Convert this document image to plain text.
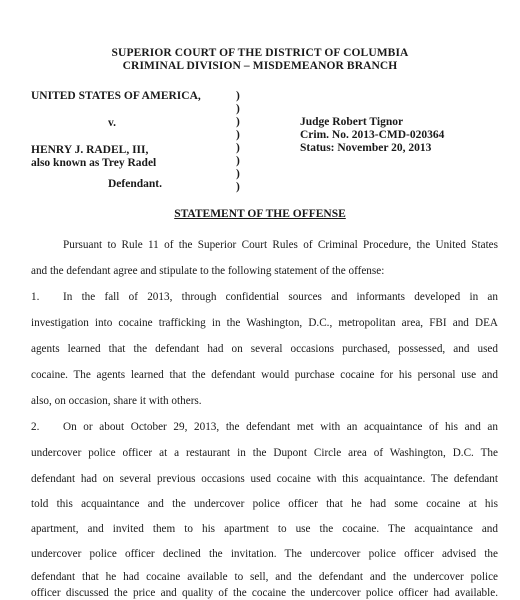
SUPERIOR COURT OF THE DISTRICT OF COLUMBIA
CRIMINAL DIVISION – MISDEMEANOR BRANCH
UNITED STATES OF AMERICA,
v.
HENRY J. RADEL, III,
also known as Trey Radel
Defendant.
)
)
)
)
)
)
)
)
Judge Robert Tignor
Crim. No. 2013-CMD-020364
Status: November 20, 2013
STATEMENT OF THE OFFENSE
Pursuant to Rule 11 of the Superior Court Rules of Criminal Procedure, the United States
and the defendant agree and stipulate to the following statement of the offense:
1. In the fall of 2013, through confidential sources and informants developed in an
investigation into cocaine trafficking in the Washington, D.C., metropolitan area, FBI and DEA
agents learned that the defendant had on several occasions purchased, possessed, and used
cocaine. The agents learned that the defendant would purchase cocaine for his personal use and
also, on occasion, share it with others.
2. On or about October 29, 2013, the defendant met with an acquaintance of his and an
undercover police officer at a restaurant in the Dupont Circle area of Washington, D.C. The
defendant had on several previous occasions used cocaine with this acquaintance. The defendant
told this acquaintance and the undercover police officer that he had some cocaine at his
apartment, and invited them to his apartment to use the cocaine. The acquaintance and
undercover police officer declined the invitation. The undercover police officer advised the
defendant that he had cocaine available to sell, and the defendant and the undercover police
officer discussed the price and quality of the cocaine the undercover police officer had available.
